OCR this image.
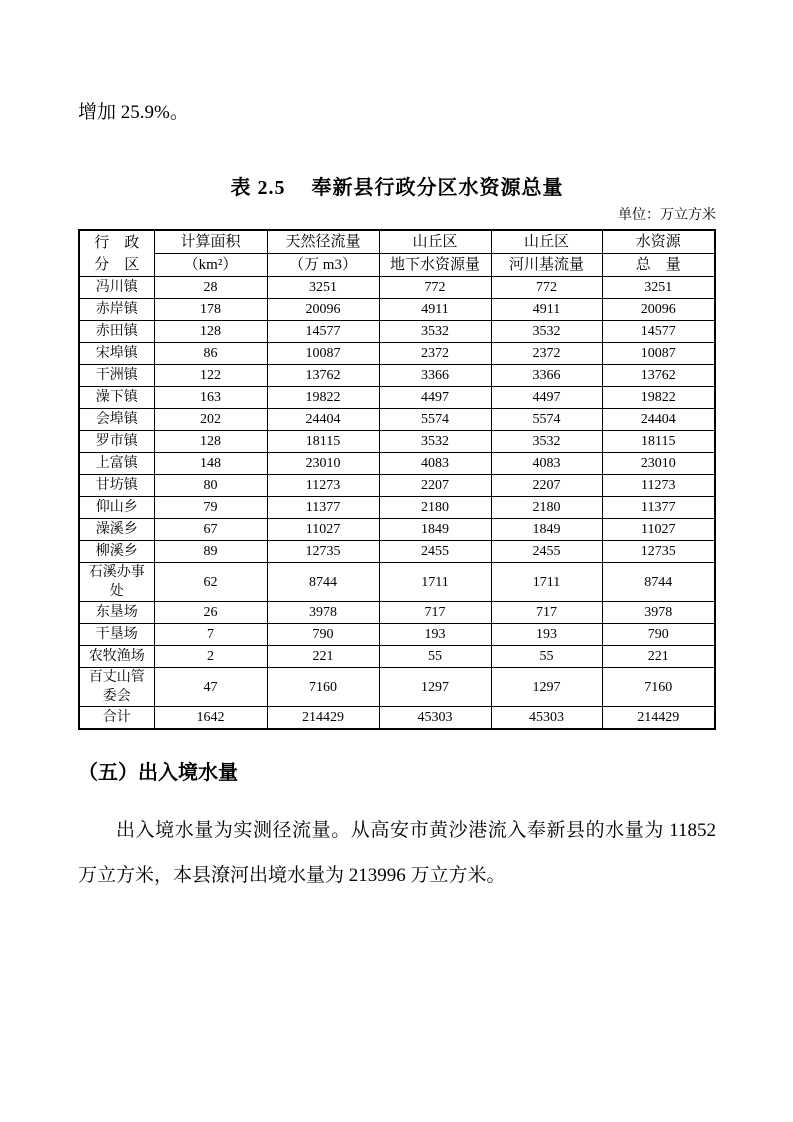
增加 25.9%。

表 2.5 奉新县行政分区水资源总量
单位：万立方米
行　政
分　区	计算面积	天然径流量	山丘区	山丘区	水资源
	（km²）	（万 m3）	地下水资源量	河川基流量	总　量
冯川镇	28	3251	772	772	3251
赤岸镇	178	20096	4911	4911	20096
赤田镇	128	14577	3532	3532	14577
宋埠镇	86	10087	2372	2372	10087
干洲镇	122	13762	3366	3366	13762
澡下镇	163	19822	4497	4497	19822
会埠镇	202	24404	5574	5574	24404
罗市镇	128	18115	3532	3532	18115
上富镇	148	23010	4083	4083	23010
甘坊镇	80	11273	2207	2207	11273
仰山乡	79	11377	2180	2180	11377
澡溪乡	67	11027	1849	1849	11027
柳溪乡	89	12735	2455	2455	12735
石溪办事处	62	8744	1711	1711	8744
东垦场	26	3978	717	717	3978
干垦场	7	790	193	193	790
农牧渔场	2	221	55	55	221
百丈山管委会	47	7160	1297	1297	7160
合计	1642	214429	45303	45303	214429
（五）出入境水量

出入境水量为实测径流量。从高安市黄沙港流入奉新县的水量为 11852 万立方米，本县潦河出境水量为 213996 万立方米。
